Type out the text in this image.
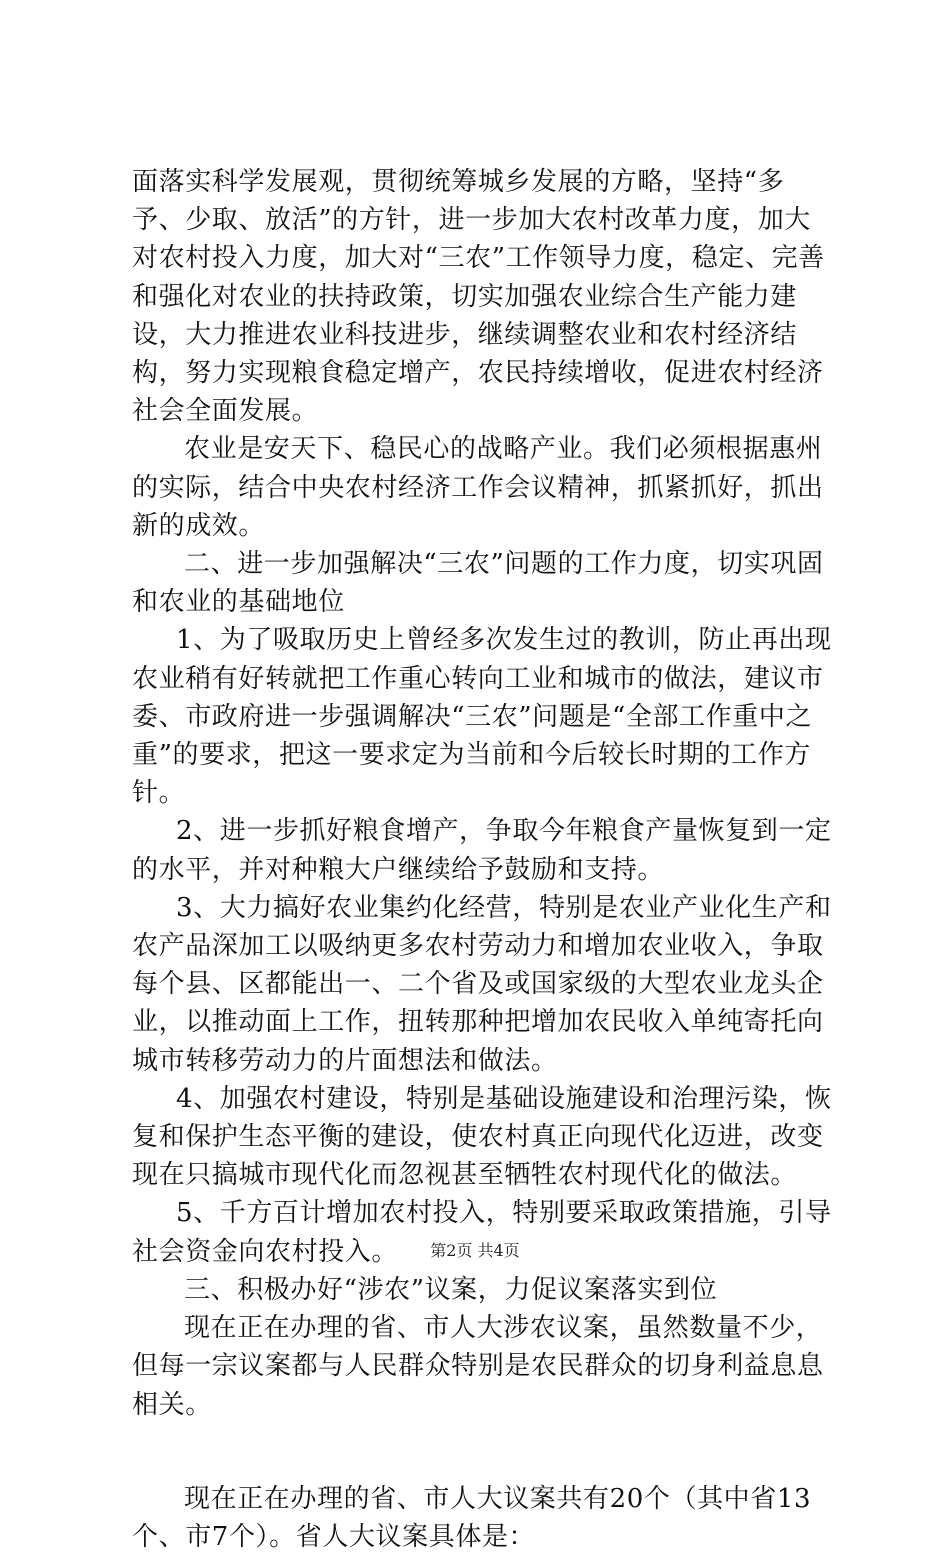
面落实科学发展观，贯彻统筹城乡发展的方略，坚持“多予、少取、放活”的方针，进一步加大农村改革力度，加大对农村投入力度，加大对“三农”工作领导力度，稳定、完善和强化对农业的扶持政策，切实加强农业综合生产能力建设，大力推进农业科技进步，继续调整农业和农村经济结构，努力实现粮食稳定增产，农民持续增收，促进农村经济社会全面发展。

农业是安天下、稳民心的战略产业。我们必须根据惠州的实际，结合中央农村经济工作会议精神，抓紧抓好，抓出新的成效。

二、进一步加强解决“三农”问题的工作力度，切实巩固和农业的基础地位

1、为了吸取历史上曾经多次发生过的教训，防止再出现农业稍有好转就把工作重心转向工业和城市的做法，建议市委、市政府进一步强调解决“三农”问题是“全部工作重中之重”的要求，把这一要求定为当前和今后较长时期的工作方针。

2、进一步抓好粮食增产，争取今年粮食产量恢复到一定的水平，并对种粮大户继续给予鼓励和支持。

3、大力搞好农业集约化经营，特别是农业产业化生产和农产品深加工以吸纳更多农村劳动力和增加农业收入，争取每个县、区都能出一、二个省及或国家级的大型农业龙头企业，以推动面上工作，扭转那种把增加农民收入单纯寄托向城市转移劳动力的片面想法和做法。

4、加强农村建设，特别是基础设施建设和治理污染，恢复和保护生态平衡的建设，使农村真正向现代化迈进，改变现在只搞城市现代化而忽视甚至牺牲农村现代化的做法。

5、千方百计增加农村投入，特别要采取政策措施，引导社会资金向农村投入。

三、积极办好“涉农”议案，力促议案落实到位

现在正在办理的省、市人大涉农议案，虽然数量不少，但每一宗议案都与人民群众特别是农民群众的切身利益息息相关。

现在正在办理的省、市人大议案共有20个（其中省13个、市7个）。省人大议案具体是：

第2页 共4页
